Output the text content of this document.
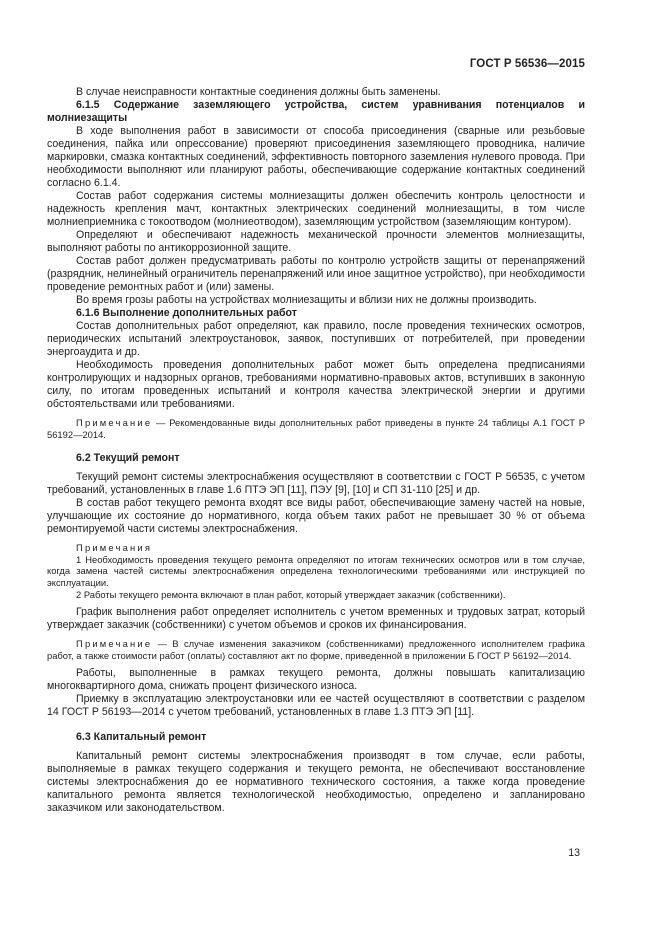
ГОСТ Р 56536—2015

В случае неисправности контактные соединения должны быть заменены.

6.1.5 Содержание заземляющего устройства, систем уравнивания потенциалов и молниезащиты

В ходе выполнения работ в зависимости от способа присоединения (сварные или резьбовые соединения, пайка или опрессование) проверяют присоединения заземляющего проводника, наличие маркировки, смазка контактных соединений, эффективность повторного заземления нулевого провода. При необходимости выполняют или планируют работы, обеспечивающие содержание контактных соединений согласно 6.1.4.

Состав работ содержания системы молниезащиты должен обеспечить контроль целостности и надежность крепления мачт, контактных электрических соединений молниезащиты, в том числе молниеприемника с токоотводом (молниеотводом), заземляющим устройством (заземляющим контуром).

Определяют и обеспечивают надежность механической прочности элементов молниезащиты, выполняют работы по антикоррозионной защите.

Состав работ должен предусматривать работы по контролю устройств защиты от перенапряжений (разрядник, нелинейный ограничитель перенапряжений или иное защитное устройство), при необходимости проведение ремонтных работ и (или) замены.

Во время грозы работы на устройствах молниезащиты и вблизи них не должны производить.

6.1.6 Выполнение дополнительных работ

Состав дополнительных работ определяют, как правило, после проведения технических осмотров, периодических испытаний электроустановок, заявок, поступивших от потребителей, при проведении энергоаудита и др.

Необходимость проведения дополнительных работ может быть определена предписаниями контролирующих и надзорных органов, требованиями нормативно-правовых актов, вступивших в законную силу, по итогам проведенных испытаний и контроля качества электрической энергии и другими обстоятельствами или требованиями.

Примечание — Рекомендованные виды дополнительных работ приведены в пункте 24 таблицы А.1 ГОСТ Р 56192—2014.

6.2 Текущий ремонт

Текущий ремонт системы электроснабжения осуществляют в соответствии с ГОСТ Р 56535, с учетом требований, установленных в главе 1.6 ПТЭ ЭП [11], ПЭУ [9], [10] и СП 31-110 [25] и др.

В состав работ текущего ремонта входят все виды работ, обеспечивающие замену частей на новые, улучшающие их состояние до нормативного, когда объем таких работ не превышает 30 % от объема ремонтируемой части системы электроснабжения.

Примечания

1 Необходимость проведения текущего ремонта определяют по итогам технических осмотров или в том случае, когда замена частей системы электроснабжения определена технологическими требованиями или инструкцией по эксплуатации.

2 Работы текущего ремонта включают в план работ, который утверждает заказчик (собственники).

График выполнения работ определяет исполнитель с учетом временных и трудовых затрат, который утверждает заказчик (собственники) с учетом объемов и сроков их финансирования.

Примечание — В случае изменения заказчиком (собственниками) предложенного исполнителем графика работ, а также стоимости работ (оплаты) составляют акт по форме, приведенной в приложении Б ГОСТ Р 56192—2014.

Работы, выполненные в рамках текущего ремонта, должны повышать капитализацию многоквартирного дома, снижать процент физического износа.

Приемку в эксплуатацию электроустановки или ее частей осуществляют в соответствии с разделом 14 ГОСТ Р 56193—2014 с учетом требований, установленных в главе 1.3 ПТЭ ЭП [11].

6.3 Капитальный ремонт

Капитальный ремонт системы электроснабжения производят в том случае, если работы, выполняемые в рамках текущего содержания и текущего ремонта, не обеспечивают восстановление системы электроснабжения до ее нормативного технического состояния, а также когда проведение капитального ремонта является технологической необходимостью, определено и запланировано заказчиком или законодательством.

13
